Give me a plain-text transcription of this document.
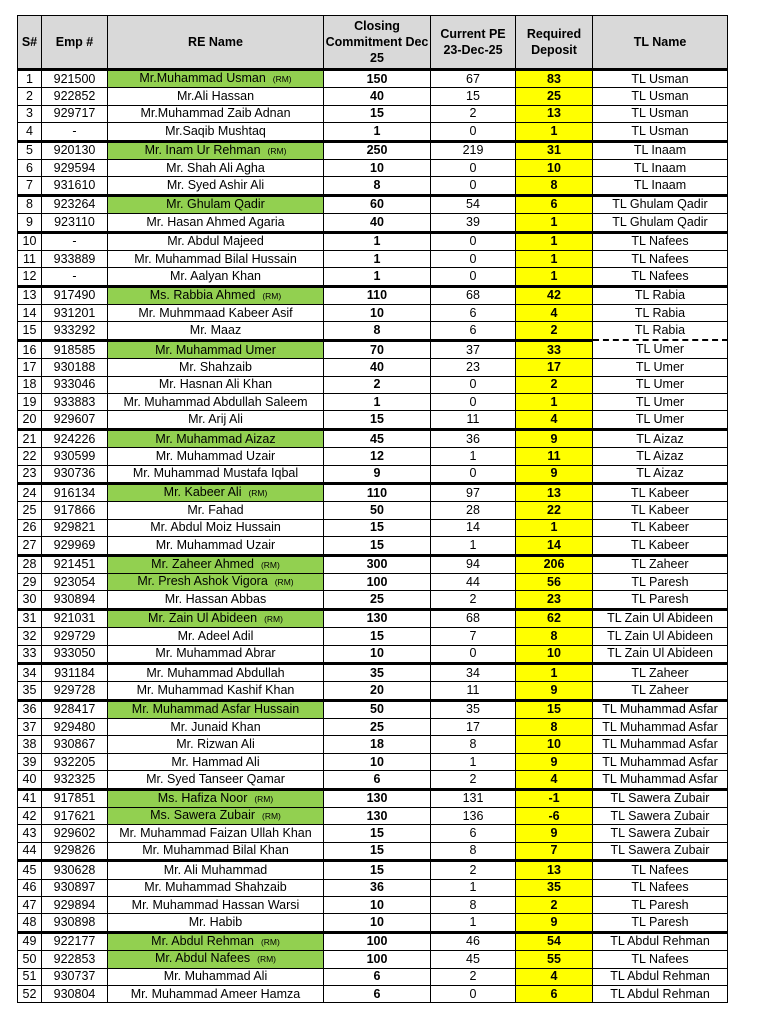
S#	Emp #	RE Name	Closing Commitment Dec 25	Current PE 23-Dec-25	Required Deposit	TL Name
1	921500	Mr.Muhammad Usman (RM)	150	67	83	TL Usman
2	922852	Mr.Ali Hassan	40	15	25	TL Usman
3	929717	Mr.Muhammad Zaib Adnan	15	2	13	TL Usman
4	-	Mr.Saqib Mushtaq	1	0	1	TL Usman
5	920130	Mr. Inam Ur Rehman (RM)	250	219	31	TL Inaam
6	929594	Mr. Shah Ali Agha	10	0	10	TL Inaam
7	931610	Mr. Syed Ashir Ali	8	0	8	TL Inaam
8	923264	Mr. Ghulam Qadir	60	54	6	TL Ghulam Qadir
9	923110	Mr. Hasan Ahmed Agaria	40	39	1	TL Ghulam Qadir
10	-	Mr. Abdul Majeed	1	0	1	TL Nafees
11	933889	Mr. Muhammad Bilal Hussain	1	0	1	TL Nafees
12	-	Mr. Aalyan Khan	1	0	1	TL Nafees
13	917490	Ms. Rabbia Ahmed (RM)	110	68	42	TL Rabia
14	931201	Mr. Muhmmaad Kabeer Asif	10	6	4	TL Rabia
15	933292	Mr. Maaz	8	6	2	TL Rabia
16	918585	Mr. Muhammad Umer	70	37	33	TL Umer
17	930188	Mr. Shahzaib	40	23	17	TL Umer
18	933046	Mr. Hasnan Ali Khan	2	0	2	TL Umer
19	933883	Mr. Muhammad Abdullah Saleem	1	0	1	TL Umer
20	929607	Mr. Arij Ali	15	11	4	TL Umer
21	924226	Mr. Muhammad Aizaz	45	36	9	TL Aizaz
22	930599	Mr. Muhammad Uzair	12	1	11	TL Aizaz
23	930736	Mr. Muhammad Mustafa Iqbal	9	0	9	TL Aizaz
24	916134	Mr. Kabeer Ali (RM)	110	97	13	TL Kabeer
25	917866	Mr. Fahad	50	28	22	TL Kabeer
26	929821	Mr. Abdul Moiz Hussain	15	14	1	TL Kabeer
27	929969	Mr. Muhammad Uzair	15	1	14	TL Kabeer
28	921451	Mr. Zaheer Ahmed (RM)	300	94	206	TL Zaheer
29	923054	Mr. Presh Ashok Vigora (RM)	100	44	56	TL Paresh
30	930894	Mr. Hassan Abbas	25	2	23	TL Paresh
31	921031	Mr. Zain Ul Abideen (RM)	130	68	62	TL Zain Ul Abideen
32	929729	Mr. Adeel Adil	15	7	8	TL Zain Ul Abideen
33	933050	Mr. Muhammad Abrar	10	0	10	TL Zain Ul Abideen
34	931184	Mr. Muhammad Abdullah	35	34	1	TL Zaheer
35	929728	Mr. Muhammad Kashif Khan	20	11	9	TL Zaheer
36	928417	Mr. Muhammad Asfar Hussain	50	35	15	TL Muhammad Asfar
37	929480	Mr. Junaid Khan	25	17	8	TL Muhammad Asfar
38	930867	Mr. Rizwan Ali	18	8	10	TL Muhammad Asfar
39	932205	Mr. Hammad Ali	10	1	9	TL Muhammad Asfar
40	932325	Mr. Syed Tanseer Qamar	6	2	4	TL Muhammad Asfar
41	917851	Ms. Hafiza Noor (RM)	130	131	-1	TL Sawera Zubair
42	917621	Ms. Sawera Zubair (RM)	130	136	-6	TL Sawera Zubair
43	929602	Mr. Muhammad Faizan Ullah Khan	15	6	9	TL Sawera Zubair
44	929826	Mr. Muhammad Bilal Khan	15	8	7	TL Sawera Zubair
45	930628	Mr. Ali Muhammad	15	2	13	TL Nafees
46	930897	Mr. Muhammad Shahzaib	36	1	35	TL Nafees
47	929894	Mr. Muhammad Hassan Warsi	10	8	2	TL Paresh
48	930898	Mr. Habib	10	1	9	TL Paresh
49	922177	Mr. Abdul Rehman (RM)	100	46	54	TL Abdul Rehman
50	922853	Mr. Abdul Nafees (RM)	100	45	55	TL Nafees
51	930737	Mr. Muhammad Ali	6	2	4	TL Abdul Rehman
52	930804	Mr. Muhammad Ameer Hamza	6	0	6	TL Abdul Rehman
